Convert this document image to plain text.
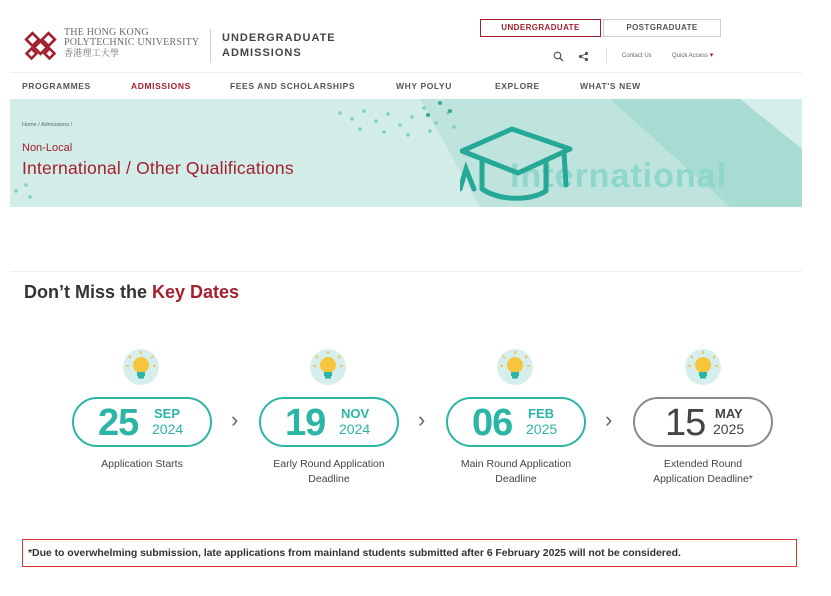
THE HONG KONG
POLYTECHNIC UNIVERSITY
香港理工大學
UNDERGRADUATE
ADMISSIONS
UNDERGRADUATE	POSTGRADUATE
Contact Us	Quick Access ▾
PROGRAMMES	ADMISSIONS	FEES AND SCHOLARSHIPS	WHY POLYU	EXPLORE	WHAT'S NEW
Home / Admissions /
Non-Local
International / Other Qualifications	International
Don’t Miss the Key Dates
25 SEP
2024 › 19 NOV
2024 › 06 FEB
2025 › 15 MAY
2025
Application Starts	Early Round Application
Deadline
Main Round Application
Deadline
Extended Round
Application Deadline*
*Due to overwhelming submission, late applications from mainland students submitted after 6 February 2025 will not be considered.
